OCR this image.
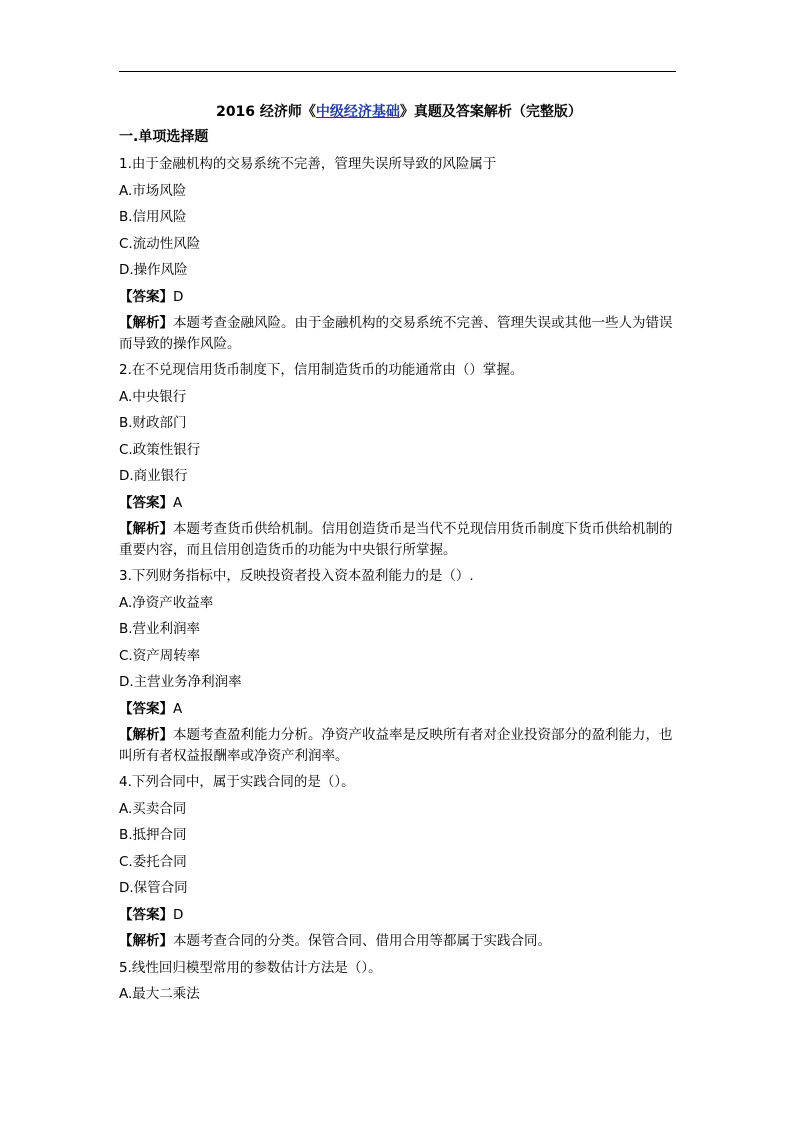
2016 经济师《中级经济基础》真题及答案解析（完整版）
一.单项选择题
1.由于金融机构的交易系统不完善，管理失误所导致的风险属于
A.市场风险
B.信用风险
C.流动性风险
D.操作风险
【答案】D
【解析】本题考查金融风险。由于金融机构的交易系统不完善、管理失误或其他一些人为错误而导致的操作风险。
2.在不兑现信用货币制度下，信用制造货币的功能通常由（）掌握。
A.中央银行
B.财政部门
C.政策性银行
D.商业银行
【答案】A
【解析】本题考查货币供给机制。信用创造货币是当代不兑现信用货币制度下货币供给机制的重要内容，而且信用创造货币的功能为中央银行所掌握。
3.下列财务指标中，反映投资者投入资本盈利能力的是（）.
A.净资产收益率
B.营业利润率
C.资产周转率
D.主营业务净利润率
【答案】A
【解析】本题考查盈利能力分析。净资产收益率是反映所有者对企业投资部分的盈利能力，也叫所有者权益报酬率或净资产利润率。
4.下列合同中，属于实践合同的是（）。
A.买卖合同
B.抵押合同
C.委托合同
D.保管合同
【答案】D
【解析】本题考查合同的分类。保管合同、借用合用等都属于实践合同。
5.线性回归模型常用的参数估计方法是（）。
A.最大二乘法
